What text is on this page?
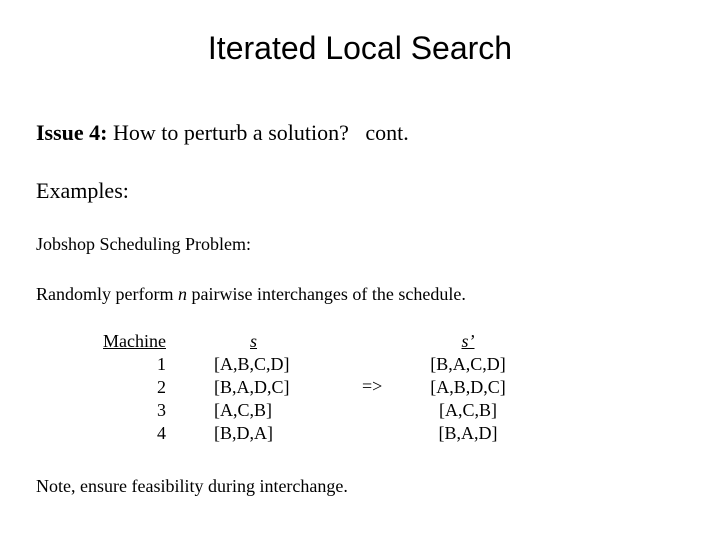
Iterated Local Search
Issue 4: How to perturb a solution?   cont.
Examples:
Jobshop Scheduling Problem:
Randomly perform n pairwise interchanges of the schedule.
Machine
1
2
3
4
s
[A,B,C,D]
[B,A,D,C]
[A,C,B]
[B,D,A]
=>
s’
[B,A,C,D]
[A,B,D,C]
[A,C,B]
[B,A,D]
Note, ensure feasibility during interchange.
